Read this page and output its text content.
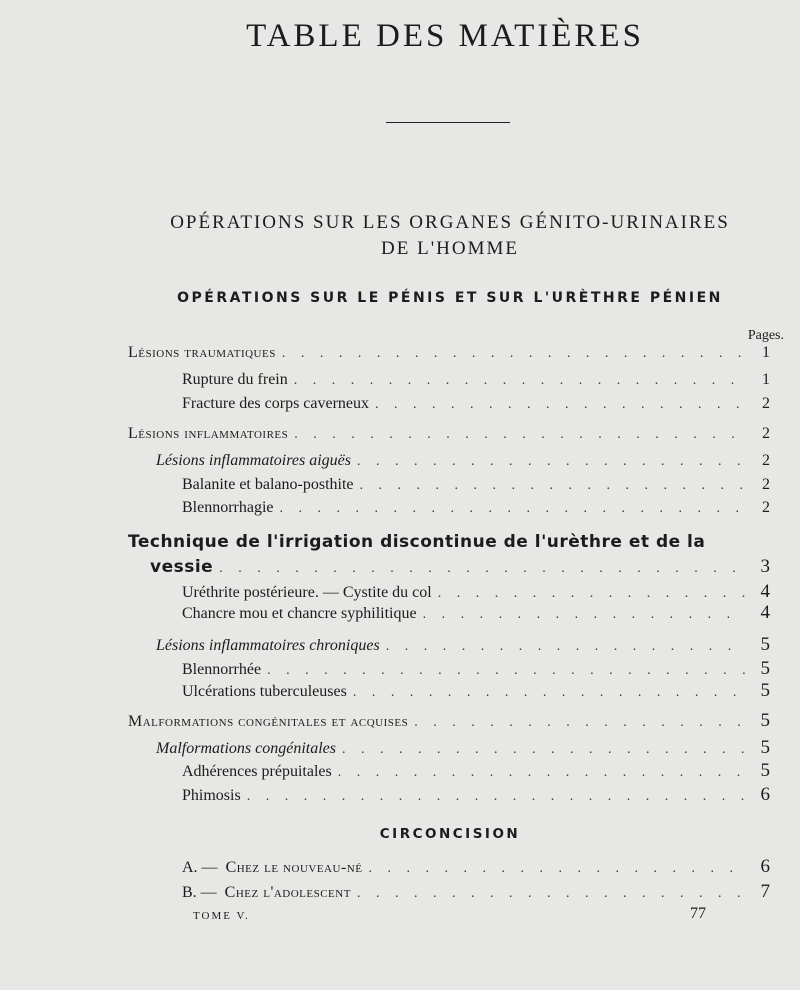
TABLE DES MATIÈRES
OPÉRATIONS SUR LES ORGANES GÉNITO-URINAIRES
DE L'HOMME
OPÉRATIONS SUR LE PÉNIS ET SUR L'URÈTHRE PÉNIEN
Pages.
Lésions traumatiques . . .	1
Rupture du frein . . .	1
Fracture des corps caverneux . . .	2
Lésions inflammatoires . . .	2
Lésions inflammatoires aiguës . . .	2
Balanite et balano-posthite . . .	2
Blennorrhagie . . .	2
Technique de l'irrigation discontinue de l'urèthre et de la
vessie . . .	3
Uréthrite postérieure. — Cystite du col . . .	4
Chancre mou et chancre syphilitique . . .	4
Lésions inflammatoires chroniques . . .	5
Blennorrhée . . .	5
Ulcérations tuberculeuses . . .	5
Malformations congénitales et acquises . . .	5
Malformations congénitales . . .	5
Adhérences prépuitales . . .	5
Phimosis . . .	6
CIRCONCISION
A. — Chez le nouveau-né . . .	6
B. — Chez l'adolescent . . .	7
TOME V.	77
